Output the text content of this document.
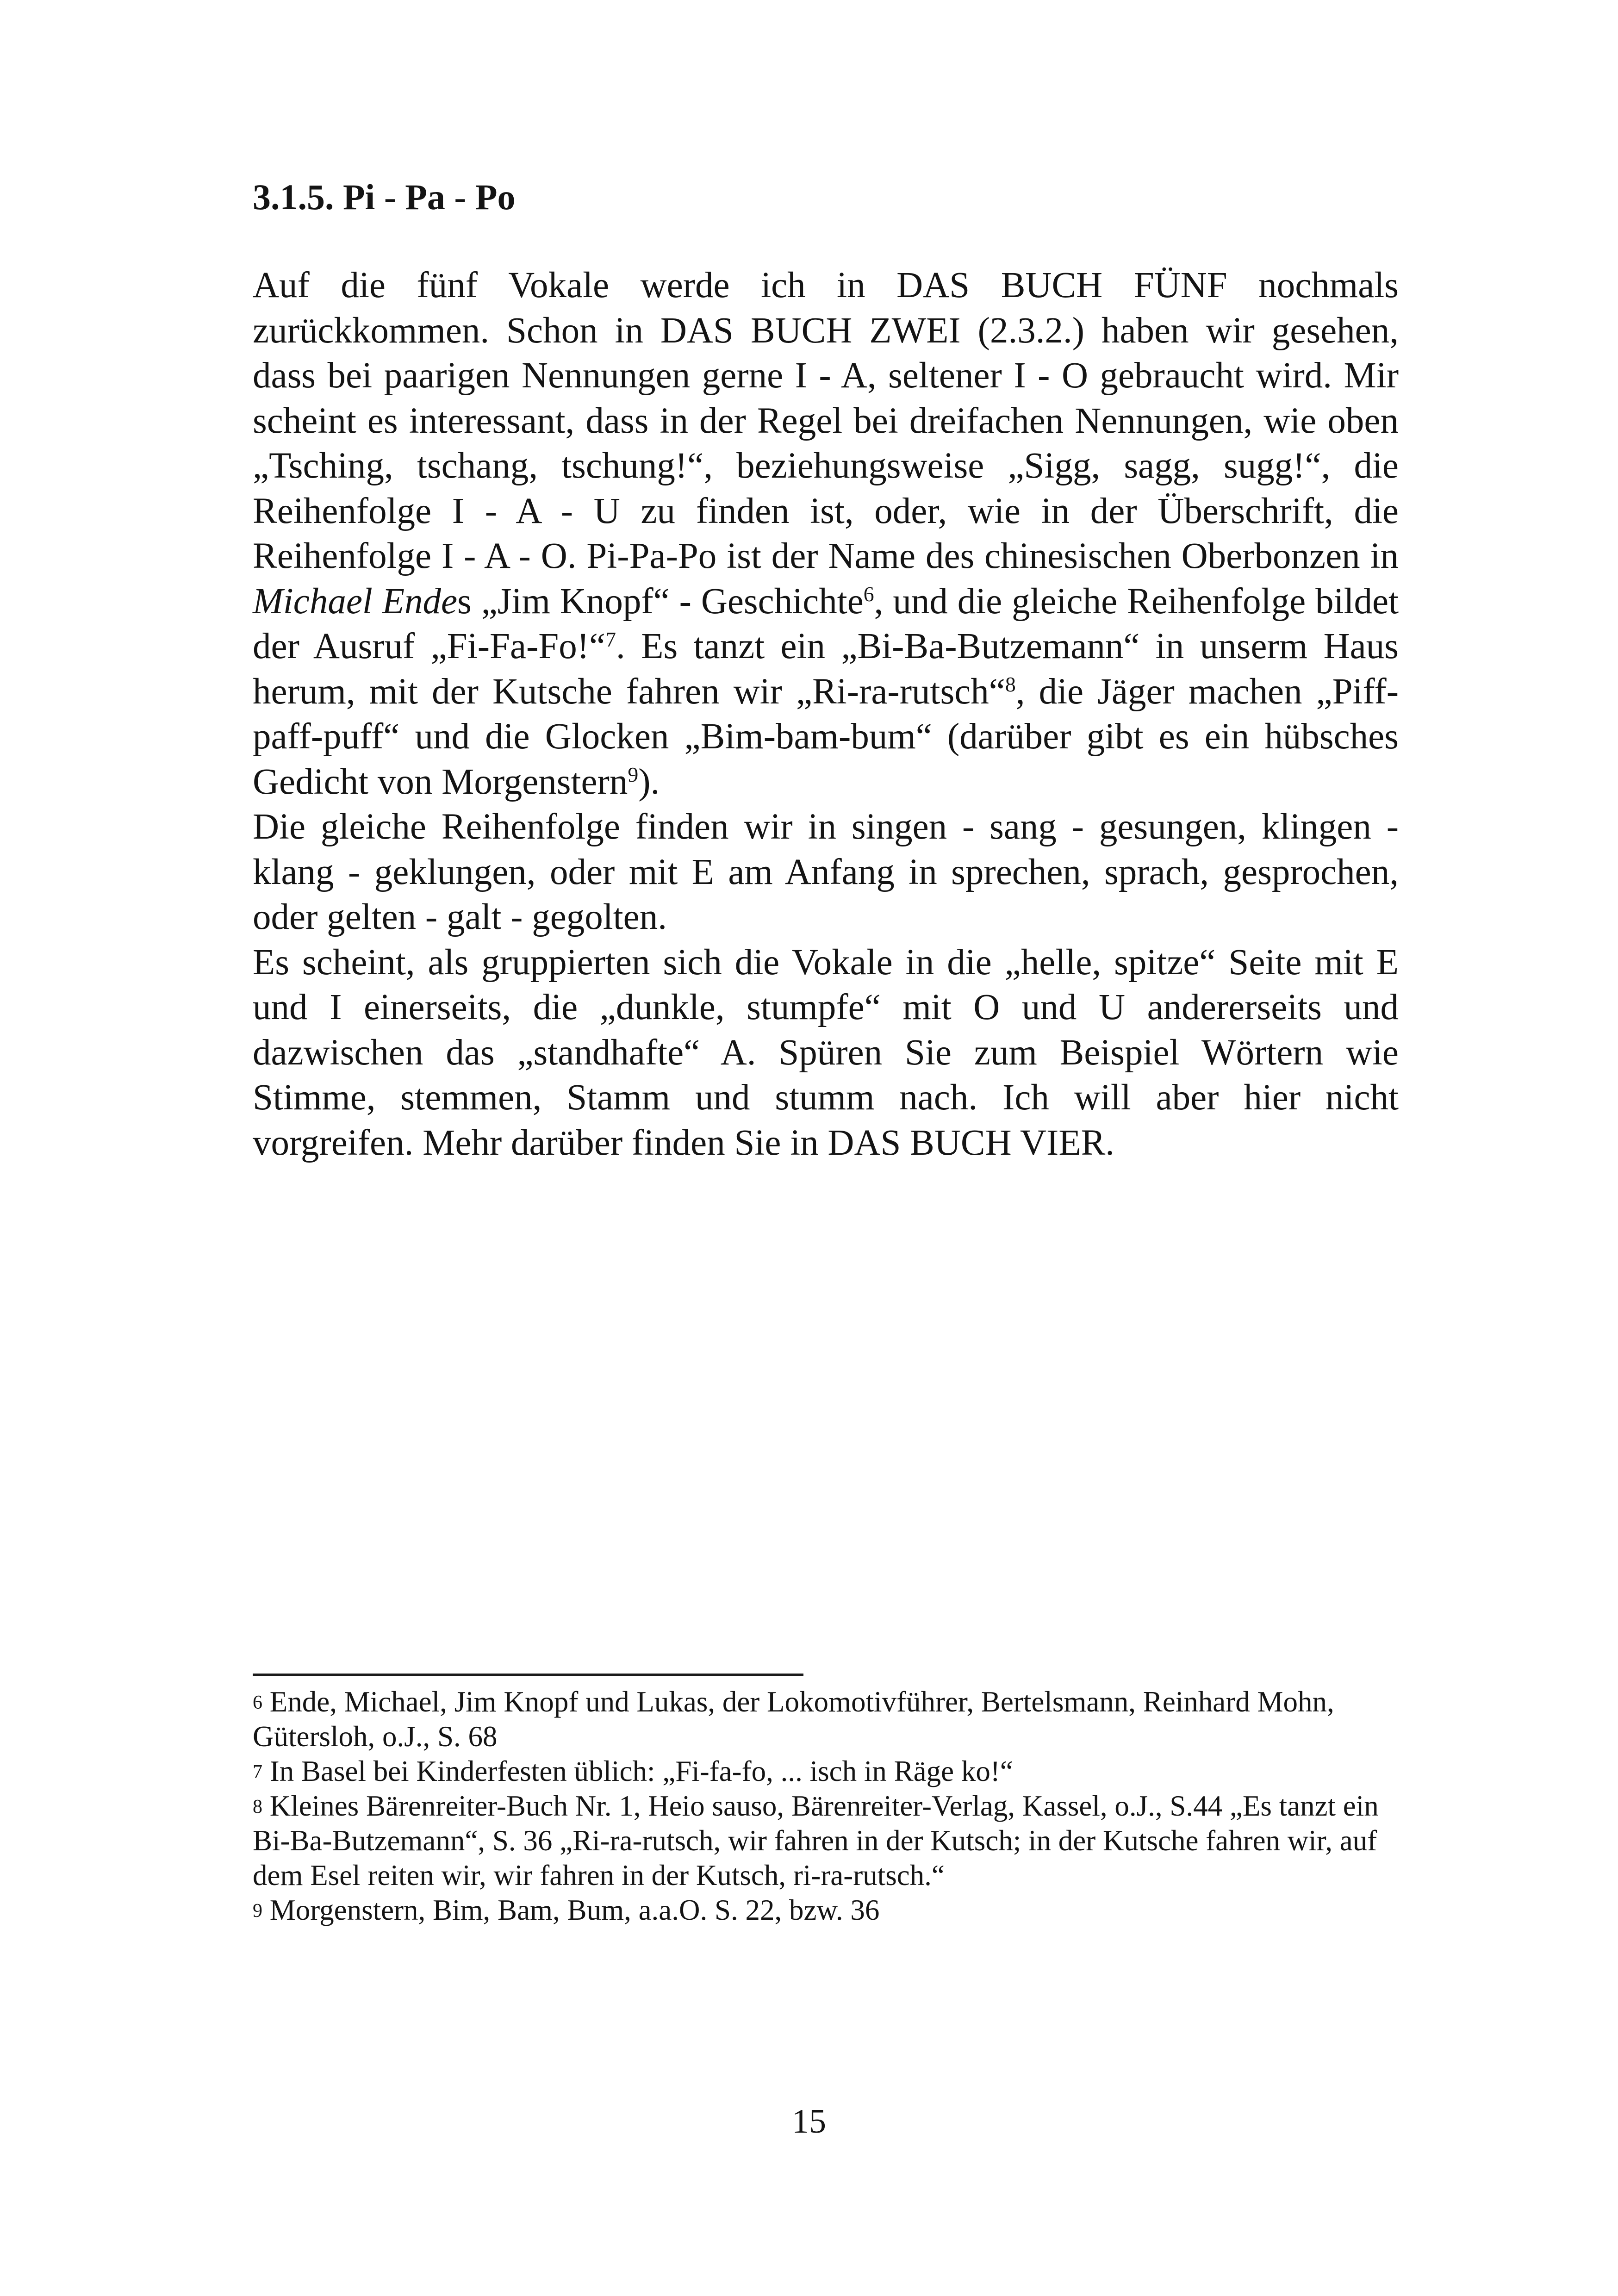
3.1.5. Pi - Pa - Po

Auf die fünf Vokale werde ich in DAS BUCH FÜNF nochmals zurückkommen. Schon in DAS BUCH ZWEI (2.3.2.) haben wir gesehen, dass bei paarigen Nennungen gerne I - A, seltener I - O gebraucht wird. Mir scheint es interessant, dass in der Regel bei dreifachen Nennungen, wie oben „Tsching, tschang, tschung!“, beziehungsweise „Sigg, sagg, sugg!“, die Reihenfolge I - A - U zu finden ist, oder, wie in der Überschrift, die Reihenfolge I - A - O. Pi-Pa-Po ist der Name des chinesischen Oberbonzen in Michael Endes „Jim Knopf“ - Geschichte$^6$, und die gleiche Reihenfolge bildet der Ausruf „Fi-Fa-Fo!“$^7$. Es tanzt ein „Bi-Ba-Butzemann“ in unserm Haus herum, mit der Kutsche fahren wir „Ri-ra-rutsch“$^8$, die Jäger machen „Piff-paff-puff“ und die Glocken „Bim-bam-bum“ (darüber gibt es ein hübsches Gedicht von Morgenstern$^9$).

Die gleiche Reihenfolge finden wir in singen - sang - gesungen, klingen - klang - geklungen, oder mit E am Anfang in sprechen, sprach, gesprochen, oder gelten - galt - gegolten.

Es scheint, als gruppierten sich die Vokale in die „helle, spitze“ Seite mit E und I einerseits, die „dunkle, stumpfe“ mit O und U andererseits und dazwischen das „standhafte“ A. Spüren Sie zum Beispiel Wörtern wie Stimme, stemmen, Stamm und stumm nach. Ich will aber hier nicht vorgreifen. Mehr darüber finden Sie in DAS BUCH VIER.

6 Ende, Michael, Jim Knopf und Lukas, der Lokomotivführer, Bertelsmann, Reinhard Mohn, Gütersloh, o.J., S. 68

7 In Basel bei Kinderfesten üblich: „Fi-fa-fo, ... isch in Räge ko!“

8 Kleines Bärenreiter-Buch Nr. 1, Heio sauso, Bärenreiter-Verlag, Kassel, o.J., S.44 „Es tanzt ein Bi-Ba-Butzemann“, S. 36 „Ri-ra-rutsch, wir fahren in der Kutsch; in der Kutsche fahren wir, auf dem Esel reiten wir, wir fahren in der Kutsch, ri-ra-rutsch.“

9 Morgenstern, Bim, Bam, Bum, a.a.O. S. 22, bzw. 36

15
